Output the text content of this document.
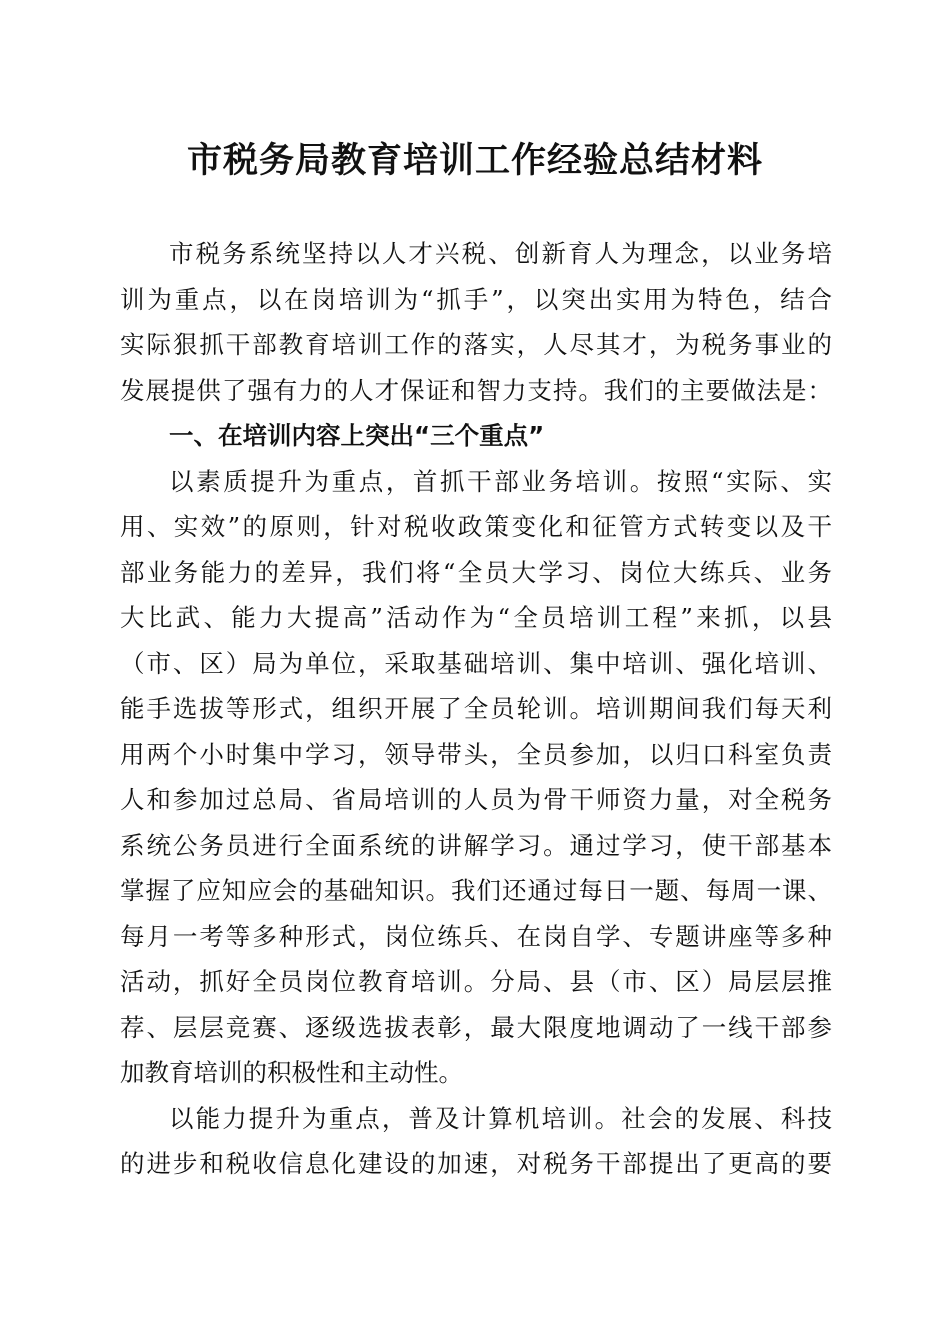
市税务局教育培训工作经验总结材料

市税务系统坚持以人才兴税、创新育人为理念，以业务培
训为重点，以在岗培训为“抓手”，以突出实用为特色，结合
实际狠抓干部教育培训工作的落实，人尽其才，为税务事业的
发展提供了强有力的人才保证和智力支持。我们的主要做法是：

一、在培训内容上突出“三个重点”

以素质提升为重点，首抓干部业务培训。按照“实际、实
用、实效”的原则，针对税收政策变化和征管方式转变以及干
部业务能力的差异，我们将“全员大学习、岗位大练兵、业务
大比武、能力大提高”活动作为“全员培训工程”来抓，以县
（市、区）局为单位，采取基础培训、集中培训、强化培训、
能手选拔等形式，组织开展了全员轮训。培训期间我们每天利
用两个小时集中学习，领导带头，全员参加，以归口科室负责
人和参加过总局、省局培训的人员为骨干师资力量，对全税务
系统公务员进行全面系统的讲解学习。通过学习，使干部基本
掌握了应知应会的基础知识。我们还通过每日一题、每周一课、
每月一考等多种形式，岗位练兵、在岗自学、专题讲座等多种
活动，抓好全员岗位教育培训。分局、县（市、区）局层层推
荐、层层竞赛、逐级选拔表彰，最大限度地调动了一线干部参
加教育培训的积极性和主动性。

以能力提升为重点，普及计算机培训。社会的发展、科技
的进步和税收信息化建设的加速，对税务干部提出了更高的要
